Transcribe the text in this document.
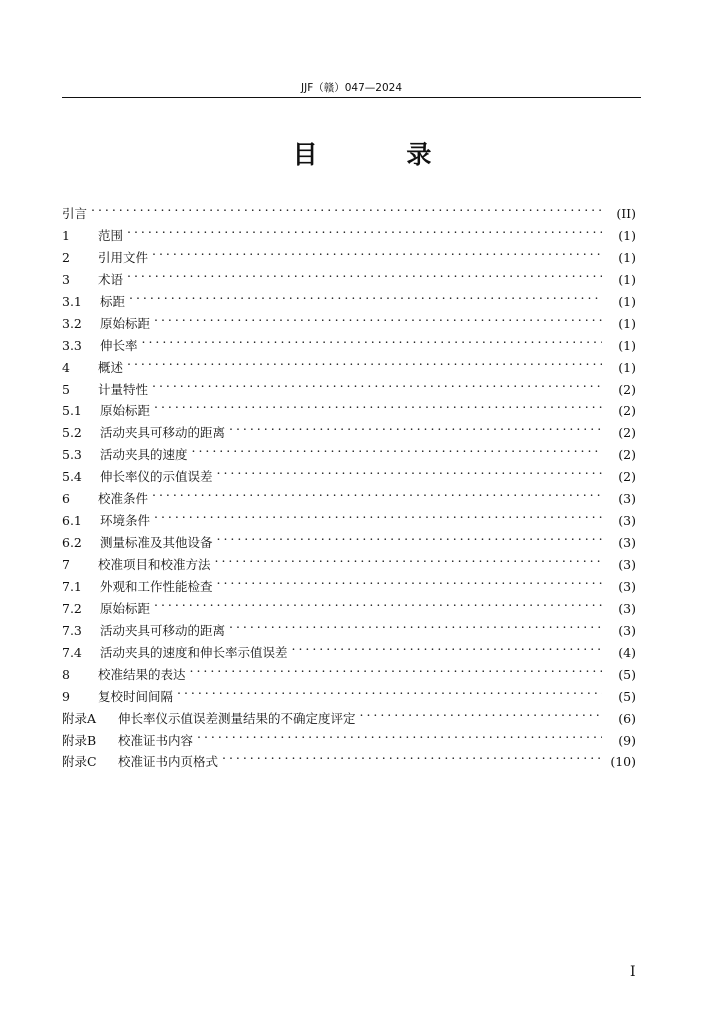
JJF（赣）047—2024
目 录
引言 . . .	(II)
1	范围 . . .	(1)
2	引用文件 . . .	(1)
3	术语 . . .	(1)
3.1	标距 . . .	(1)
3.2	原始标距 . . .	(1)
3.3	伸长率 . . .	(1)
4	概述 . . .	(1)
5	计量特性 . . .	(2)
5.1	原始标距 . . .	(2)
5.2	活动夹具可移动的距离 . . .	(2)
5.3	活动夹具的速度 . . .	(2)
5.4	伸长率仪的示值误差 . . .	(2)
6	校准条件 . . .	(3)
6.1	环境条件 . . .	(3)
6.2	测量标准及其他设备 . . .	(3)
7	校准项目和校准方法 . . .	(3)
7.1	外观和工作性能检查 . . .	(3)
7.2	原始标距 . . .	(3)
7.3	活动夹具可移动的距离 . . .	(3)
7.4	活动夹具的速度和伸长率示值误差 . . .	(4)
8	校准结果的表达 . . .	(5)
9	复校时间间隔 . . .	(5)
附录A	伸长率仪示值误差测量结果的不确定度评定 . . .	(6)
附录B	校准证书内容 . . .	(9)
附录C	校准证书内页格式 . . .	(10)
I
